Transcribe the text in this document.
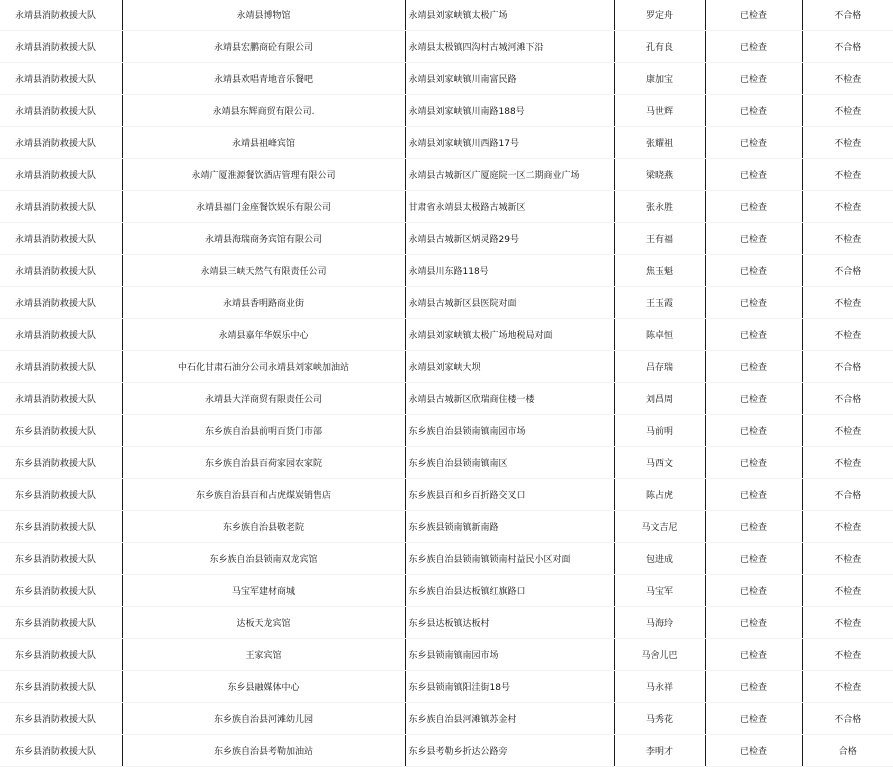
永靖县消防救援大队	永靖县博物馆	永靖县刘家峡镇太极广场	罗定舟	已检查	不合格
永靖县消防救援大队	永靖县宏鹏商砼有限公司	永靖县太极镇四沟村古城河滩下沿	孔有良	已检查	不合格
永靖县消防救援大队	永靖县欢唱青地音乐餐吧	永靖县刘家峡镇川南富民路	康加宝	已检查	不检查
永靖县消防救援大队	永靖县东辉商贸有限公司.	永靖县刘家峡镇川南路188号	马世辉	已检查	不检查
永靖县消防救援大队	永靖县祖峰宾馆	永靖县刘家峡镇川西路17号	张耀祖	已检查	不检查
永靖县消防救援大队	永靖广厦淮源餐饮酒店管理有限公司	永靖县古城新区广厦庭院一区二期商业广场	梁晓燕	已检查	不检查
永靖县消防救援大队	永靖县福门金座餐饮娱乐有限公司	甘肃省永靖县太极路古城新区	张永胜	已检查	不检查
永靖县消防救援大队	永靖县海瑞商务宾馆有限公司	永靖县古城新区炳灵路29号	王有福	已检查	不检查
永靖县消防救援大队	永靖县三峡天然气有限责任公司	永靖县川东路118号	焦玉魁	已检查	不合格
永靖县消防救援大队	永靖县香明路商业街	永靖县古城新区县医院对面	王玉霞	已检查	不检查
永靖县消防救援大队	永靖县嘉年华娱乐中心	永靖县刘家峡镇太极广场地税局对面	陈卓恒	已检查	不检查
永靖县消防救援大队	中石化甘肃石油分公司永靖县刘家峡加油站	永靖县刘家峡大坝	吕存瑞	已检查	不合格
永靖县消防救援大队	永靖县大洋商贸有限责任公司	永靖县古城新区欣瑞商住楼一楼	刘昌周	已检查	不合格
东乡县消防救援大队	东乡族自治县前明百货门市部	东乡族自治县锁南镇南园市场	马前明	已检查	不检查
东乡县消防救援大队	东乡族自治县百荷家园农家院	东乡族自治县锁南镇南区	马西文	已检查	不检查
东乡县消防救援大队	东乡族自治县百和占虎煤炭销售店	东乡族县百和乡百折路交叉口	陈占虎	已检查	不合格
东乡县消防救援大队	东乡族自治县敬老院	东乡族县锁南镇新南路	马文吉尼	已检查	不检查
东乡县消防救援大队	东乡族自治县锁南双龙宾馆	东乡族自治县锁南镇锁南村益民小区对面	包进成	已检查	不检查
东乡县消防救援大队	马宝军建材商城	东乡族自治县达板镇红旗路口	马宝军	已检查	不检查
东乡县消防救援大队	达板天龙宾馆	东乡县达板镇达板村	马海玲	已检查	不检查
东乡县消防救援大队	王家宾馆	东乡县锁南镇南园市场	马舍儿巴	已检查	不检查
东乡县消防救援大队	东乡县融媒体中心	东乡县锁南镇阳洼街18号	马永祥	已检查	不检查
东乡县消防救援大队	东乡族自治县河滩幼儿园	东乡族自治县河滩镇苏金村	马秀花	已检查	不合格
东乡县消防救援大队	东乡族自治县考勒加油站	东乡县考勒乡折达公路旁	李明才	已检查	合格
